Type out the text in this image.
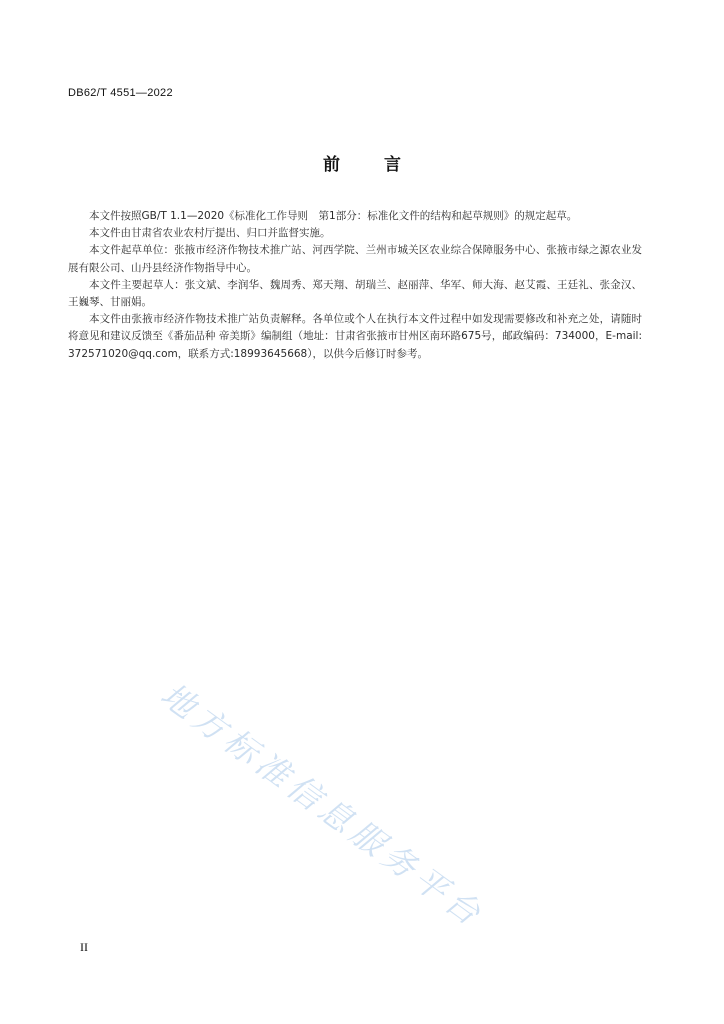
DB62/T 4551—2022
前	言

本文件按照GB/T 1.1—2020《标准化工作导则　第1部分：标准化文件的结构和起草规则》的规定起草。

本文件由甘肃省农业农村厅提出、归口并监督实施。

本文件起草单位：张掖市经济作物技术推广站、河西学院、兰州市城关区农业综合保障服务中心、张掖市绿之源农业发展有限公司、山丹县经济作物指导中心。

本文件主要起草人：张文斌、李润华、魏周秀、郑天翔、胡瑞兰、赵丽萍、华军、师大海、赵艾霞、王廷礼、张金汉、王巍琴、甘丽娟。

本文件由张掖市经济作物技术推广站负责解释。各单位或个人在执行本文件过程中如发现需要修改和补充之处，请随时将意见和建议反馈至《番茄品种 帝美斯》编制组（地址：甘肃省张掖市甘州区南环路675号，邮政编码：734000，E-mail:372571020@qq.com，联系方式:18993645668），以供今后修订时参考。

地方标准信息服务平台
II
